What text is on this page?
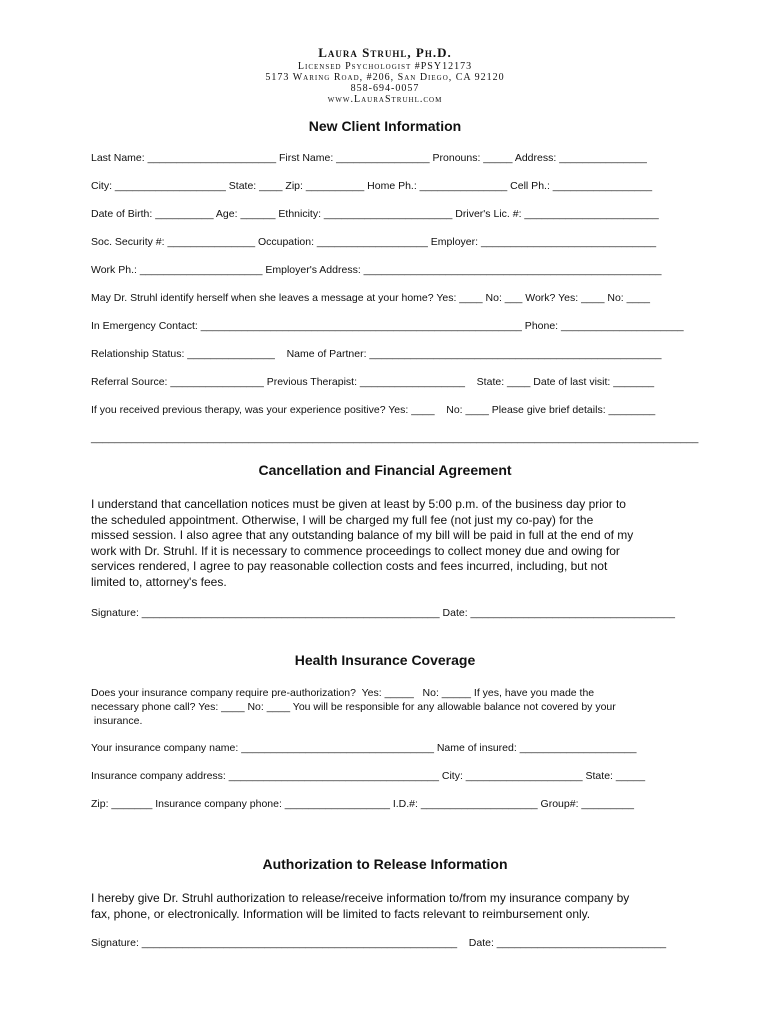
Laura Struhl, Ph.D.
Licensed Psychologist #PSY12173
5173 Waring Road, #206, San Diego, CA 92120
858-694-0057
www.LauraStruhl.com
New Client Information
Last Name: ______________________ First Name: ________________ Pronouns: _____ Address: _______________
City: ___________________ State: ____ Zip: __________ Home Ph.: _______________ Cell Ph.: _________________
Date of Birth: __________ Age: ______ Ethnicity: ______________________ Driver's Lic. #: _______________________
Soc. Security #: _______________ Occupation: ___________________ Employer: ______________________________
Work Ph.: _____________________ Employer's Address: ___________________________________________________
May Dr. Struhl identify herself when she leaves a message at your home? Yes: ____ No: ___ Work? Yes: ____ No: ____
In Emergency Contact: _______________________________________________________ Phone: _____________________
Relationship Status: _______________    Name of Partner: __________________________________________________
Referral Source: ________________ Previous Therapist: __________________    State: ____ Date of last visit: _______
If you received previous therapy, was your experience positive? Yes: ____    No: ____ Please give brief details: ________
________________________________________________________________________________________________________
Cancellation and Financial Agreement
I understand that cancellation notices must be given at least by 5:00 p.m. of the business day prior to
the scheduled appointment. Otherwise, I will be charged my full fee (not just my co-pay) for the
missed session. I also agree that any outstanding balance of my bill will be paid in full at the end of my
work with Dr. Struhl. If it is necessary to commence proceedings to collect money due and owing for
services rendered, I agree to pay reasonable collection costs and fees incurred, including, but not
limited to, attorney's fees.
Signature: ___________________________________________________ Date: ___________________________________
Health Insurance Coverage
Does your insurance company require pre-authorization?  Yes: _____   No: _____ If yes, have you made the
necessary phone call? Yes: ____ No: ____ You will be responsible for any allowable balance not covered by your
insurance.
Your insurance company name: _________________________________ Name of insured: ____________________
Insurance company address: ____________________________________ City: ____________________ State: _____
Zip: _______ Insurance company phone: __________________ I.D.#: ____________________ Group#: _________
Authorization to Release Information
I hereby give Dr. Struhl authorization to release/receive information to/from my insurance company by
fax, phone, or electronically. Information will be limited to facts relevant to reimbursement only.
Signature: ______________________________________________________    Date: _____________________________
